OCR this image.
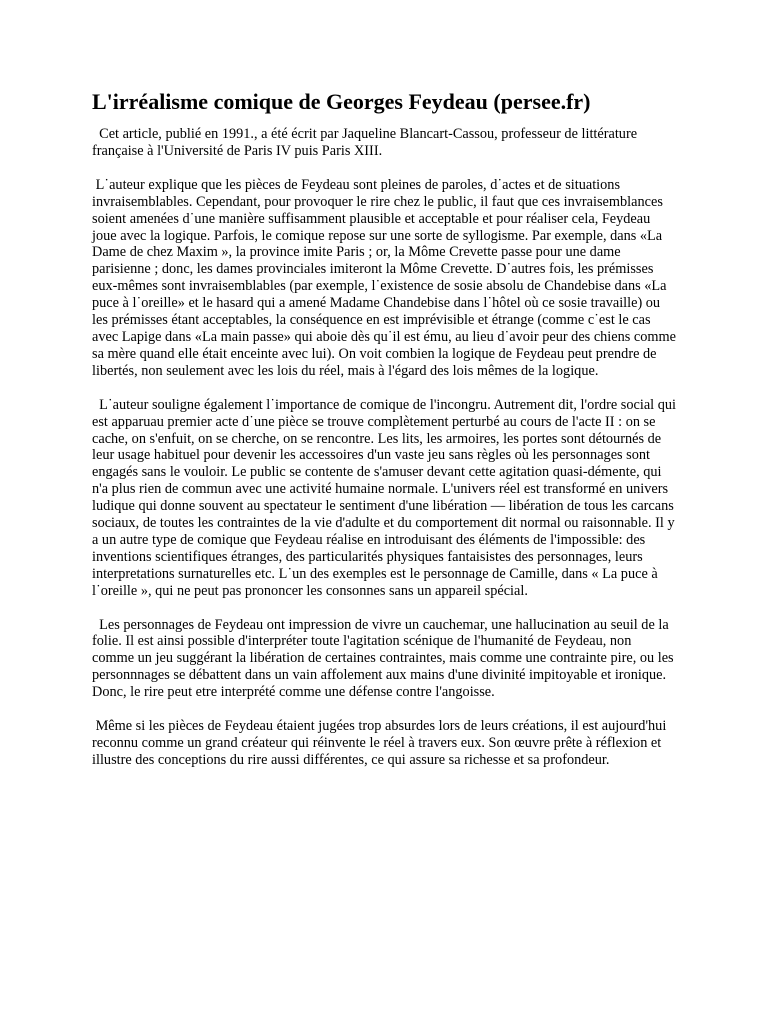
L'irréalisme comique de Georges Feydeau (persee.fr)

Cet article, publié en 1991., a été écrit par Jaqueline Blancart-Cassou, professeur de littérature française à l'Université de Paris IV puis Paris XIII.

L˙auteur explique que les pièces de Feydeau sont pleines de paroles, d˙actes et de situations invraisemblables. Cependant, pour provoquer le rire chez le public, il faut que ces invraisemblances soient amenées d˙une manière suffisamment plausible et acceptable et pour réaliser cela, Feydeau joue avec la logique. Parfois, le comique repose sur une sorte de syllogisme. Par exemple, dans «La Dame de chez Maxim », la province imite Paris ; or, la Môme Crevette passe pour une dame parisienne ; donc, les dames provinciales imiteront la Môme Crevette. D˙autres fois, les prémisses eux-mêmes sont invraisemblables (par exemple, l˙existence de sosie absolu de Chandebise dans «La puce à l˙oreille» et le hasard qui a amené Madame Chandebise dans l˙hôtel où ce sosie travaille) ou les prémisses étant acceptables, la conséquence en est imprévisible et étrange (comme c˙est le cas avec Lapige dans «La main passe» qui aboie dès qu˙il est ému, au lieu d˙avoir peur des chiens comme sa mère quand elle était enceinte avec lui). On voit combien la logique de Feydeau peut prendre de libertés, non seulement avec les lois du réel, mais à l'égard des lois mêmes de la logique.

L˙auteur souligne également l˙importance de comique de l'incongru. Autrement dit, l'ordre social qui est apparuau premier acte d˙une pièce se trouve complètement perturbé au cours de l'acte II : on se cache, on s'enfuit, on se cherche, on se rencontre. Les lits, les armoires, les portes sont détournés de leur usage habituel pour devenir les accessoires d'un vaste jeu sans règles où les personnages sont engagés sans le vouloir. Le public se contente de s'amuser devant cette agitation quasi-démente, qui n'a plus rien de commun avec une activité humaine normale. L'univers réel est transformé en univers ludique qui donne souvent au spectateur le sentiment d'une libération — libération de tous les carcans sociaux, de toutes les contraintes de la vie d'adulte et du comportement dit normal ou raisonnable. Il y a un autre type de comique que Feydeau réalise en introduisant des éléments de l'impossible: des inventions scientifiques étranges, des particularités physiques fantaisistes des personnages, leurs interpretations surnaturelles etc. L˙un des exemples est le personnage de Camille, dans « La puce à l˙oreille », qui ne peut pas prononcer les consonnes sans un appareil spécial.

Les personnages de Feydeau ont impression de vivre un cauchemar, une hallucination au seuil de la folie. Il est ainsi possible d'interpréter toute l'agitation scénique de l'humanité de Feydeau, non comme un jeu suggérant la libération de certaines contraintes, mais comme une contrainte pire, ou les personnnages se débattent dans un vain affolement aux mains d'une divinité impitoyable et ironique. Donc, le rire peut etre interprété comme une défense contre l'angoisse.

Même si les pièces de Feydeau étaient jugées trop absurdes lors de leurs créations, il est aujourd'hui reconnu comme un grand créateur qui réinvente le réel à travers eux. Son œuvre prête à réflexion et illustre des conceptions du rire aussi différentes, ce qui assure sa richesse et sa profondeur.
